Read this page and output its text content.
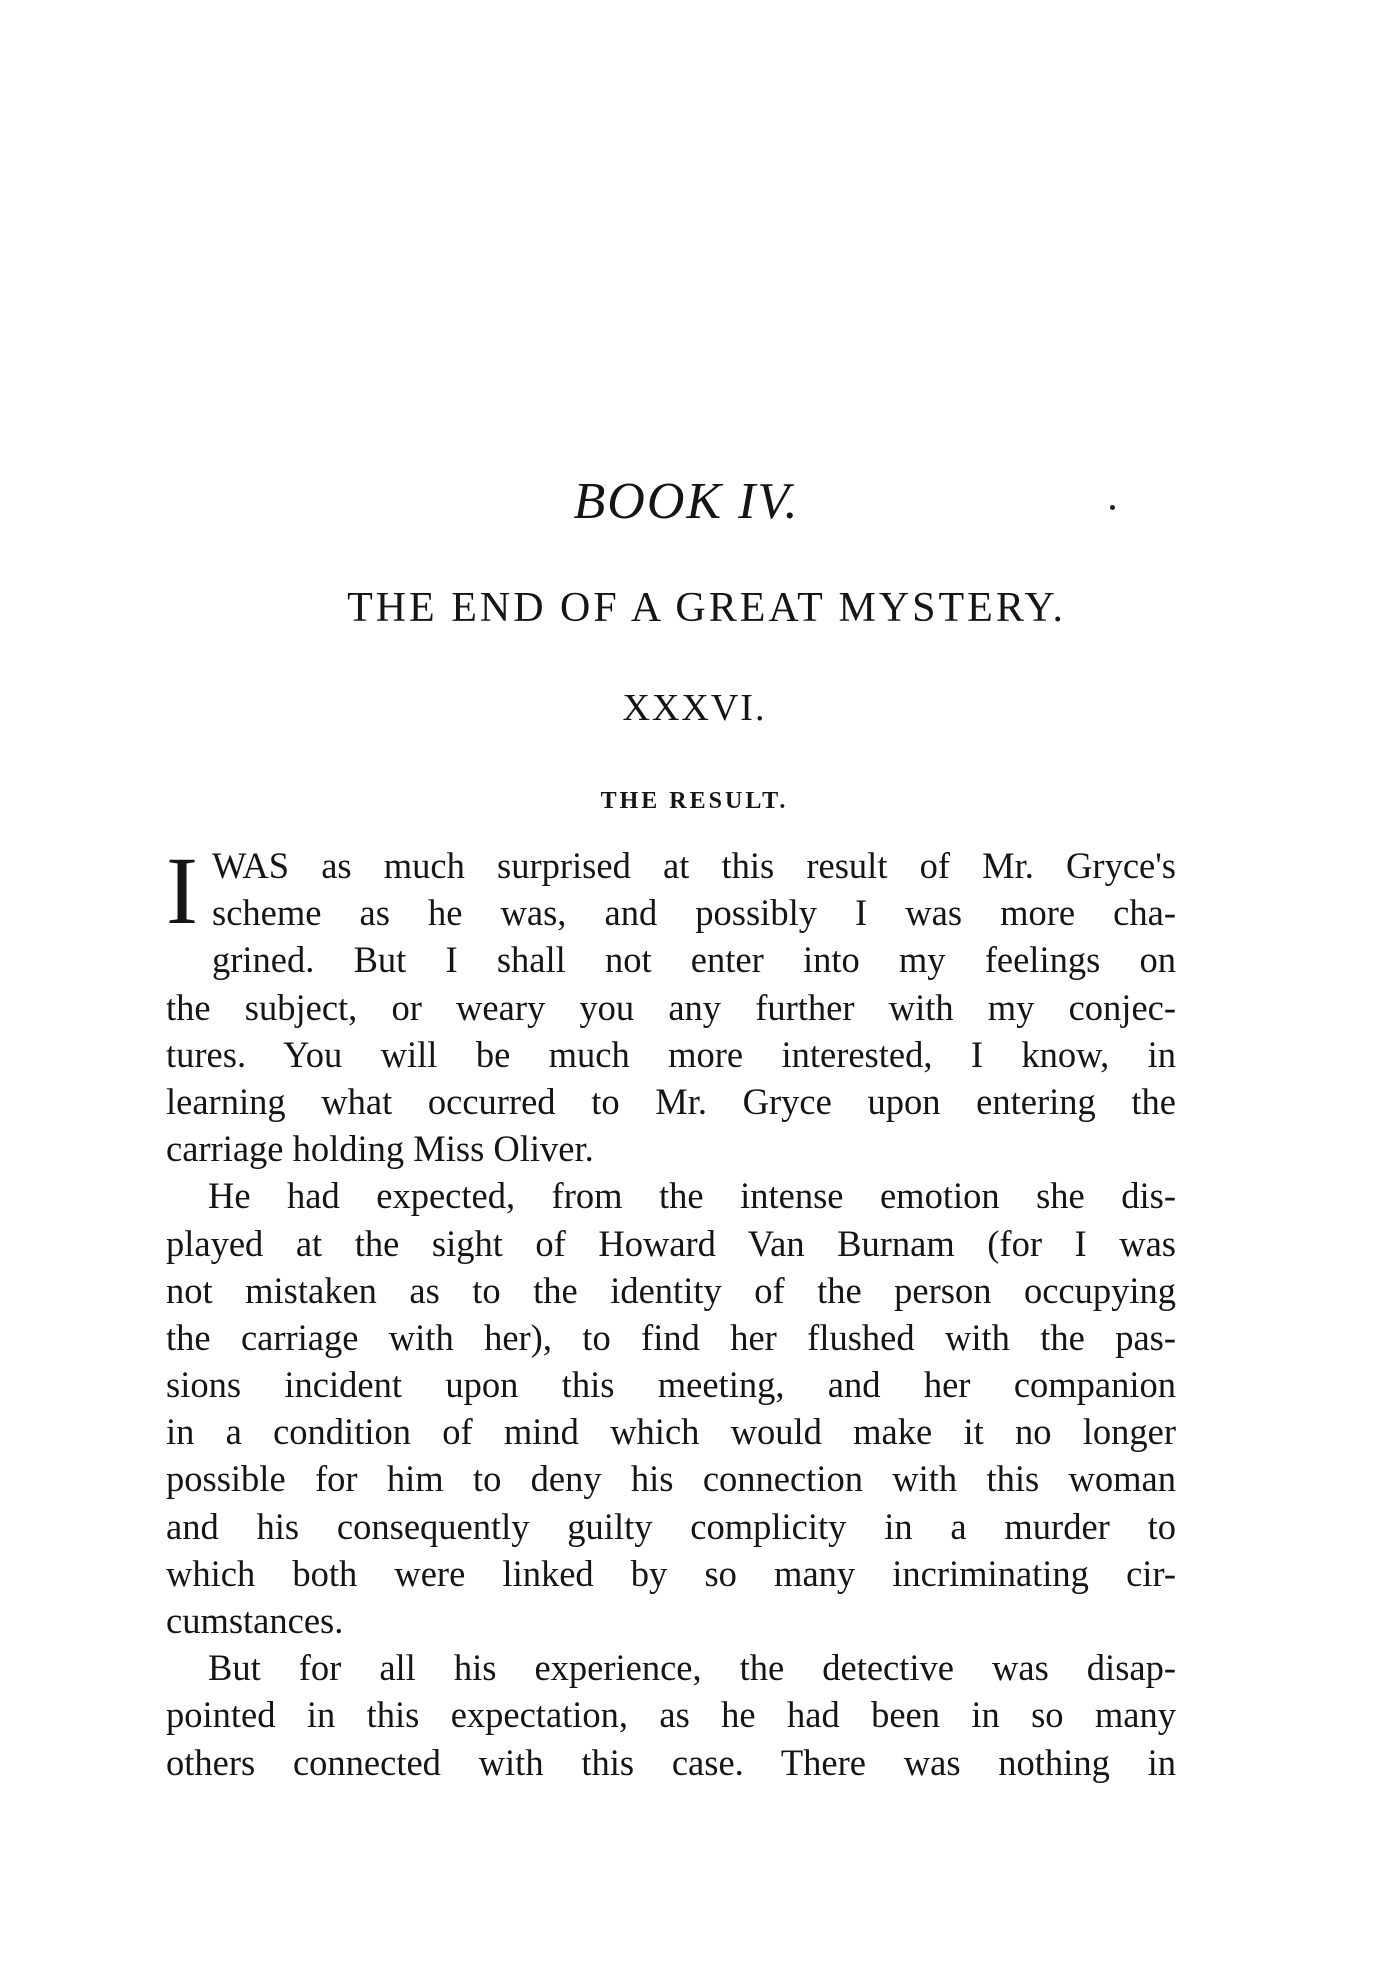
BOOK IV.
THE END OF A GREAT MYSTERY.
XXXVI.
THE RESULT.
I WAS as much surprised at this result of Mr. Gryce's
scheme as he was, and possibly I was more cha-
grined. But I shall not enter into my feelings on
the subject, or weary you any further with my conjec-
tures. You will be much more interested, I know, in
learning what occurred to Mr. Gryce upon entering the
carriage holding Miss Oliver.
He had expected, from the intense emotion she dis-
played at the sight of Howard Van Burnam (for I was
not mistaken as to the identity of the person occupying
the carriage with her), to find her flushed with the pas-
sions incident upon this meeting, and her companion
in a condition of mind which would make it no longer
possible for him to deny his connection with this woman
and his consequently guilty complicity in a murder to
which both were linked by so many incriminating cir-
cumstances.
But for all his experience, the detective was disap-
pointed in this expectation, as he had been in so many
others connected with this case. There was nothing in
